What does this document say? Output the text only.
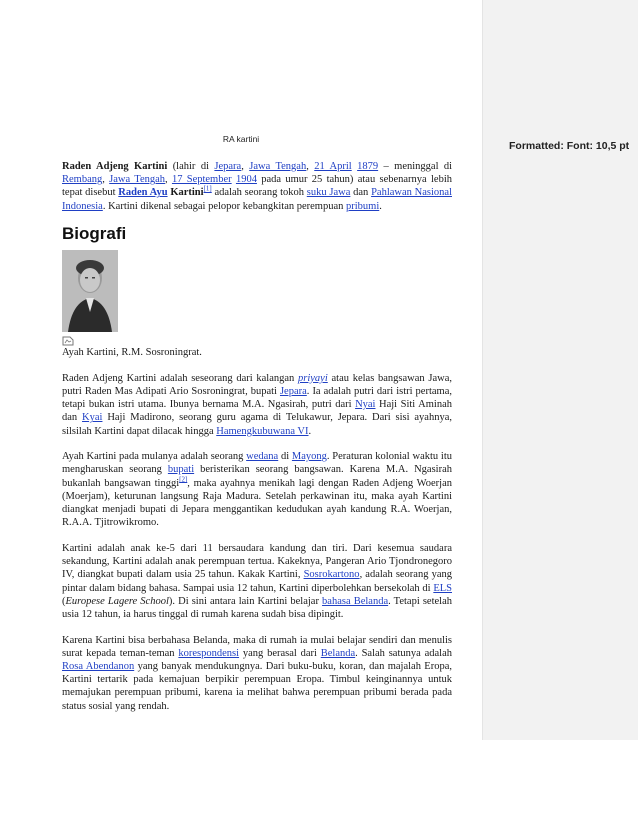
Formatted: Font: 10,5 pt
RA kartini

Raden Adjeng Kartini (lahir di Jepara, Jawa Tengah, 21 April 1879 – meninggal di Rembang, Jawa Tengah, 17 September 1904 pada umur 25 tahun) atau sebenarnya lebih tepat disebut Raden Ayu Kartini[1] adalah seorang tokoh suku Jawa dan Pahlawan Nasional Indonesia. Kartini dikenal sebagai pelopor kebangkitan perempuan pribumi.

Biografi

Ayah Kartini, R.M. Sosroningrat.

Raden Adjeng Kartini adalah seseorang dari kalangan priyayi atau kelas bangsawan Jawa, putri Raden Mas Adipati Ario Sosroningrat, bupati Jepara. Ia adalah putri dari istri pertama, tetapi bukan istri utama. Ibunya bernama M.A. Ngasirah, putri dari Nyai Haji Siti Aminah dan Kyai Haji Madirono, seorang guru agama di Telukawur, Jepara. Dari sisi ayahnya, silsilah Kartini dapat dilacak hingga Hamengkubuwana VI.

Ayah Kartini pada mulanya adalah seorang wedana di Mayong. Peraturan kolonial waktu itu mengharuskan seorang bupati beristerikan seorang bangsawan. Karena M.A. Ngasirah bukanlah bangsawan tinggi[2], maka ayahnya menikah lagi dengan Raden Adjeng Woerjan (Moerjam), keturunan langsung Raja Madura. Setelah perkawinan itu, maka ayah Kartini diangkat menjadi bupati di Jepara menggantikan kedudukan ayah kandung R.A. Woerjan, R.A.A. Tjitrowikromo.

Kartini adalah anak ke-5 dari 11 bersaudara kandung dan tiri. Dari kesemua saudara sekandung, Kartini adalah anak perempuan tertua. Kakeknya, Pangeran Ario Tjondronegoro IV, diangkat bupati dalam usia 25 tahun. Kakak Kartini, Sosrokartono, adalah seorang yang pintar dalam bidang bahasa. Sampai usia 12 tahun, Kartini diperbolehkan bersekolah di ELS (Europese Lagere School). Di sini antara lain Kartini belajar bahasa Belanda. Tetapi setelah usia 12 tahun, ia harus tinggal di rumah karena sudah bisa dipingit.

Karena Kartini bisa berbahasa Belanda, maka di rumah ia mulai belajar sendiri dan menulis surat kepada teman-teman korespondensi yang berasal dari Belanda. Salah satunya adalah Rosa Abendanon yang banyak mendukungnya. Dari buku-buku, koran, dan majalah Eropa, Kartini tertarik pada kemajuan berpikir perempuan Eropa. Timbul keinginannya untuk memajukan perempuan pribumi, karena ia melihat bahwa perempuan pribumi berada pada status sosial yang rendah.
